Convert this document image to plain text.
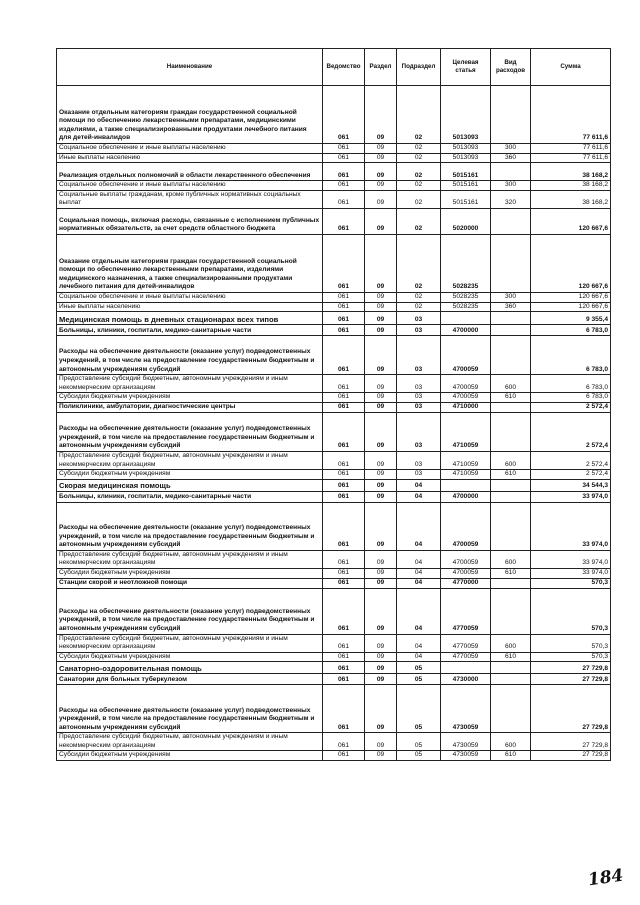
Наименование	Ведомство	Раздел	Подраздел	Целевая статья	Вид расходов	Сумма
Оказание отдельным категориям граждан государственной социальной помощи по обеспечению лекарственными препаратами, медицинскими изделиями, а также специализированными продуктами лечебного питания для детей-инвалидов	061	09	02	5013093		77 611,6
Социальное обеспечение и иные выплаты населению	061	09	02	5013093	300	77 611,6
Иные выплаты населению	061	09	02	5013093	360	77 611,6
Реализация отдельных полномочий в области лекарственного обеспечения	061	09	02	5015161		38 168,2
Социальное обеспечение и иные выплаты населению	061	09	02	5015161	300	38 168,2
Социальные выплаты гражданам, кроме публичных нормативных социальных выплат	061	09	02	5015161	320	38 168,2
Социальная помощь, включая расходы, связанные с исполнением публичных нормативных обязательств, за счет средств областного бюджета	061	09	02	5020000		120 667,6
Оказание отдельным категориям граждан государственной социальной помощи по обеспечению лекарственными препаратами, изделиями медицинского назначения, а также специализированными продуктами лечебного питания для детей-инвалидов	061	09	02	5028235		120 667,6
Социальное обеспечение и иные выплаты населению	061	09	02	5028235	300	120 667,6
Иные выплаты населению	061	09	02	5028235	360	120 667,6
Медицинская помощь в дневных стационарах всех типов	061	09	03			9 355,4
Больницы, клиники, госпитали, медико-санитарные части	061	09	03	4700000		6 783,0
Расходы на обеспечение деятельности (оказание услуг) подведомственных учреждений, в том числе на предоставление государственным бюджетным и автономным учреждениям субсидий	061	09	03	4700059		6 783,0
Предоставление субсидий бюджетным, автономным учреждениям и иным некоммерческим организациям	061	09	03	4700059	600	6 783,0
Субсидии бюджетным учреждениям	061	09	03	4700059	610	6 783,0
Поликлиники, амбулатории, диагностические центры	061	09	03	4710000		2 572,4
Расходы на обеспечение деятельности (оказание услуг) подведомственных учреждений, в том числе на предоставление государственным бюджетным и автономным учреждениям субсидий	061	09	03	4710059		2 572,4
Предоставление субсидий бюджетным, автономным учреждениям и иным некоммерческим организациям	061	09	03	4710059	600	2 572,4
Субсидии бюджетным учреждениям	061	09	03	4710059	610	2 572,4
Скорая медицинская помощь	061	09	04			34 544,3
Больницы, клиники, госпитали, медико-санитарные части	061	09	04	4700000		33 974,0
Расходы на обеспечение деятельности (оказание услуг) подведомственных учреждений, в том числе на предоставление государственным бюджетным и автономным учреждениям субсидий	061	09	04	4700059		33 974,0
Предоставление субсидий бюджетным, автономным учреждениям и иным некоммерческим организациям	061	09	04	4700059	600	33 974,0
Субсидии бюджетным учреждениям	061	09	04	4700059	610	33 974,0
Станции скорой и неотложной помощи	061	09	04	4770000		570,3
Расходы на обеспечение деятельности (оказание услуг) подведомственных учреждений, в том числе на предоставление государственным бюджетным и автономным учреждениям субсидий	061	09	04	4770059		570,3
Предоставление субсидий бюджетным, автономным учреждениям и иным некоммерческим организациям	061	09	04	4770059	600	570,3
Субсидии бюджетным учреждениям	061	09	04	4770059	610	570,3
Санаторно-оздоровительная помощь	061	09	05			27 729,8
Санатории для больных туберкулезом	061	09	05	4730000		27 729,8
Расходы на обеспечение деятельности (оказание услуг) подведомственных учреждений, в том числе на предоставление государственным бюджетным и автономным учреждениям субсидий	061	09	05	4730059		27 729,8
Предоставление субсидий бюджетным, автономным учреждениям и иным некоммерческим организациям	061	09	05	4730059	600	27 729,8
Субсидии бюджетным учреждениям	061	09	05	4730059	610	27 729,8
184
